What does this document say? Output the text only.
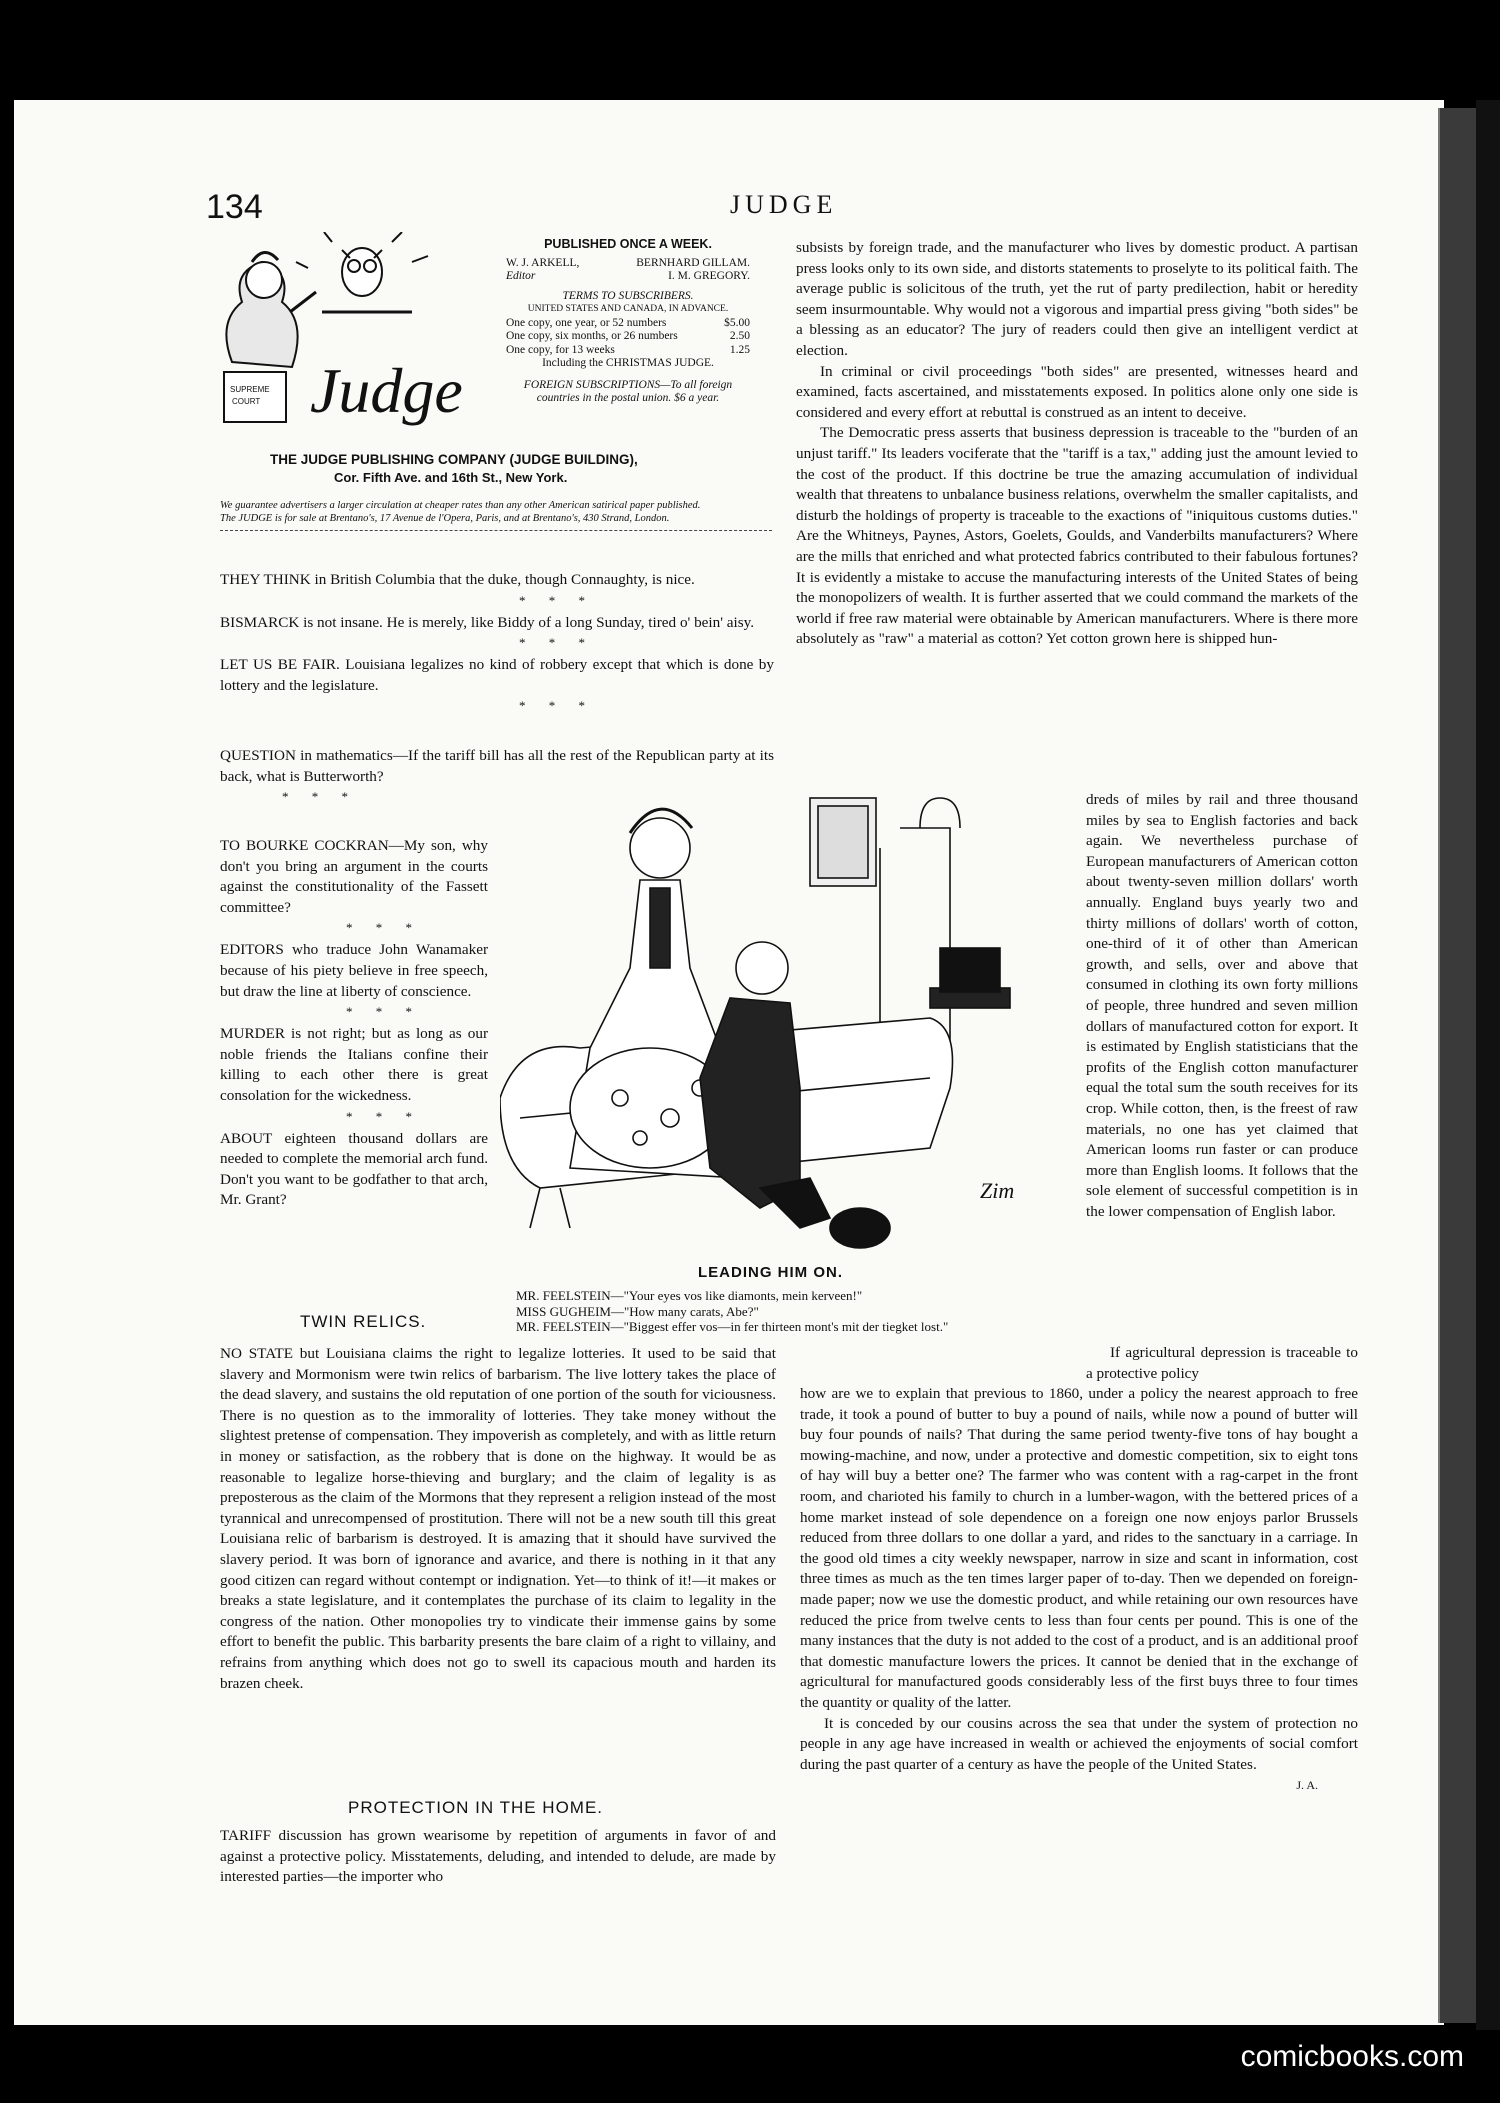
134	JUDGE
Judge
SUPREME
COURT
PUBLISHED ONCE A WEEK.
W. J. ARKELL,	BERNHARD GILLAM.
Editor	I. M. GREGORY.
TERMS TO SUBSCRIBERS.
UNITED STATES AND CANADA, IN ADVANCE.
One copy, one year, or 52 numbers	$5.00
One copy, six months, or 26 numbers	2.50
One copy, for 13 weeks	1.25
Including the CHRISTMAS JUDGE.
FOREIGN SUBSCRIPTIONS—To all foreign countries in the postal union. $6 a year.
THE JUDGE PUBLISHING COMPANY (JUDGE BUILDING),
Cor. Fifth Ave. and 16th St., New York.
We guarantee advertisers a larger circulation at cheaper rates than any other American satirical paper published.
The JUDGE is for sale at Brentano's, 17 Avenue de l'Opera, Paris, and at Brentano's, 430 Strand, London.
THEY THINK in British Columbia that the duke, though Connaughty, is nice.
* * *
BISMARCK is not insane. He is merely, like Biddy of a long Sunday, tired o' bein' aisy.
* * *
LET US BE FAIR. Louisiana legalizes no kind of robbery except that which is done by lottery and the legislature.
* * *
QUESTION in mathematics—If the tariff bill has all the rest of the Republican party at its back, what is Butterworth?
* * *
TO BOURKE COCKRAN—My son, why don't you bring an argument in the courts against the constitutionality of the Fassett committee?
* * *
EDITORS who traduce John Wanamaker because of his piety believe in free speech, but draw the line at liberty of conscience.
* * *
MURDER is not right; but as long as our noble friends the Italians confine their killing to each other there is great consolation for the wickedness.
* * *
ABOUT eighteen thousand dollars are needed to complete the memorial arch fund. Don't you want to be godfather to that arch, Mr. Grant?
TWIN RELICS.
NO STATE but Louisiana claims the right to legalize lotteries. It used to be said that slavery and Mormonism were twin relics of barbarism. The live lottery takes the place of the dead slavery, and sustains the old reputation of one portion of the south for viciousness. There is no question as to the immorality of lotteries. They take money without the slightest pretense of compensation. They impoverish as completely, and with as little return in money or satisfaction, as the robbery that is done on the highway. It would be as reasonable to legalize horse-thieving and burglary; and the claim of legality is as preposterous as the claim of the Mormons that they represent a religion instead of the most tyrannical and unrecompensed of prostitution. There will not be a new south till this great Louisiana relic of barbarism is destroyed. It is amazing that it should have survived the slavery period. It was born of ignorance and avarice, and there is nothing in it that any good citizen can regard without contempt or indignation. Yet—to think of it!—it makes or breaks a state legislature, and it contemplates the purchase of its claim to legality in the congress of the nation. Other monopolies try to vindicate their immense gains by some effort to benefit the public. This barbarity presents the bare claim of a right to villainy, and refrains from anything which does not go to swell its capacious mouth and harden its brazen cheek.
PROTECTION IN THE HOME.
TARIFF discussion has grown wearisome by repetition of arguments in favor of and against a protective policy. Misstatements, deluding, and intended to delude, are made by interested parties—the importer who

subsists by foreign trade, and the manufacturer who lives by domestic product. A partisan press looks only to its own side, and distorts statements to proselyte to its political faith. The average public is solicitous of the truth, yet the rut of party predilection, habit or heredity seem insurmountable. Why would not a vigorous and impartial press giving "both sides" be a blessing as an educator? The jury of readers could then give an intelligent verdict at election.

In criminal or civil proceedings "both sides" are presented, witnesses heard and examined, facts ascertained, and misstatements exposed. In politics alone only one side is considered and every effort at rebuttal is construed as an intent to deceive.

The Democratic press asserts that business depression is traceable to the "burden of an unjust tariff." Its leaders vociferate that the "tariff is a tax," adding just the amount levied to the cost of the product. If this doctrine be true the amazing accumulation of individual wealth that threatens to unbalance business relations, overwhelm the smaller capitalists, and disturb the holdings of property is traceable to the exactions of "iniquitous customs duties." Are the Whitneys, Paynes, Astors, Goelets, Goulds, and Vanderbilts manufacturers? Where are the mills that enriched and what protected fabrics contributed to their fabulous fortunes? It is evidently a mistake to accuse the manufacturing interests of the United States of being the monopolizers of wealth. It is further asserted that we could command the markets of the world if free raw material were obtainable by American manufacturers. Where is there more absolutely as "raw" a material as cotton? Yet cotton grown here is shipped hun-

Zim
LEADING HIM ON.
MR. FEELSTEIN—"Your eyes vos like diamonts, mein kerveen!"
MISS GUGHEIM—"How many carats, Abe?"
MR. FEELSTEIN—"Biggest effer vos—in fer thirteen mont's mit der tiegket lost."
dreds of miles by rail and three thousand miles by sea to English factories and back again. We nevertheless purchase of European manufacturers of American cotton about twenty-seven million dollars' worth annually. England buys yearly two and thirty millions of dollars' worth of cotton, one-third of it of other than American growth, and sells, over and above that consumed in clothing its own forty millions of people, three hundred and seven million dollars of manufactured cotton for export. It is estimated by English statisticians that the profits of the English cotton manufacturer equal the total sum the south receives for its crop. While cotton, then, is the freest of raw materials, no one has yet claimed that American looms run faster or can produce more than English looms. It follows that the sole element of successful competition is in the lower compensation of English labor.
If agricultural depression is traceable to a protective policy

how are we to explain that previous to 1860, under a policy the nearest approach to free trade, it took a pound of butter to buy a pound of nails, while now a pound of butter will buy four pounds of nails? That during the same period twenty-five tons of hay bought a mowing-machine, and now, under a protective and domestic competition, six to eight tons of hay will buy a better one? The farmer who was content with a rag-carpet in the front room, and charioted his family to church in a lumber-wagon, with the bettered prices of a home market instead of sole dependence on a foreign one now enjoys parlor Brussels reduced from three dollars to one dollar a yard, and rides to the sanctuary in a carriage. In the good old times a city weekly newspaper, narrow in size and scant in information, cost three times as much as the ten times larger paper of to-day. Then we depended on foreign-made paper; now we use the domestic product, and while retaining our own resources have reduced the price from twelve cents to less than four cents per pound. This is one of the many instances that the duty is not added to the cost of a product, and is an additional proof that domestic manufacture lowers the prices. It cannot be denied that in the exchange of agricultural for manufactured goods considerably less of the first buys three to four times the quantity or quality of the latter.

It is conceded by our cousins across the sea that under the system of protection no people in any age have increased in wealth or achieved the enjoyments of social comfort during the past quarter of a century as have the people of the United States.

J. A.
comicbooks.com
